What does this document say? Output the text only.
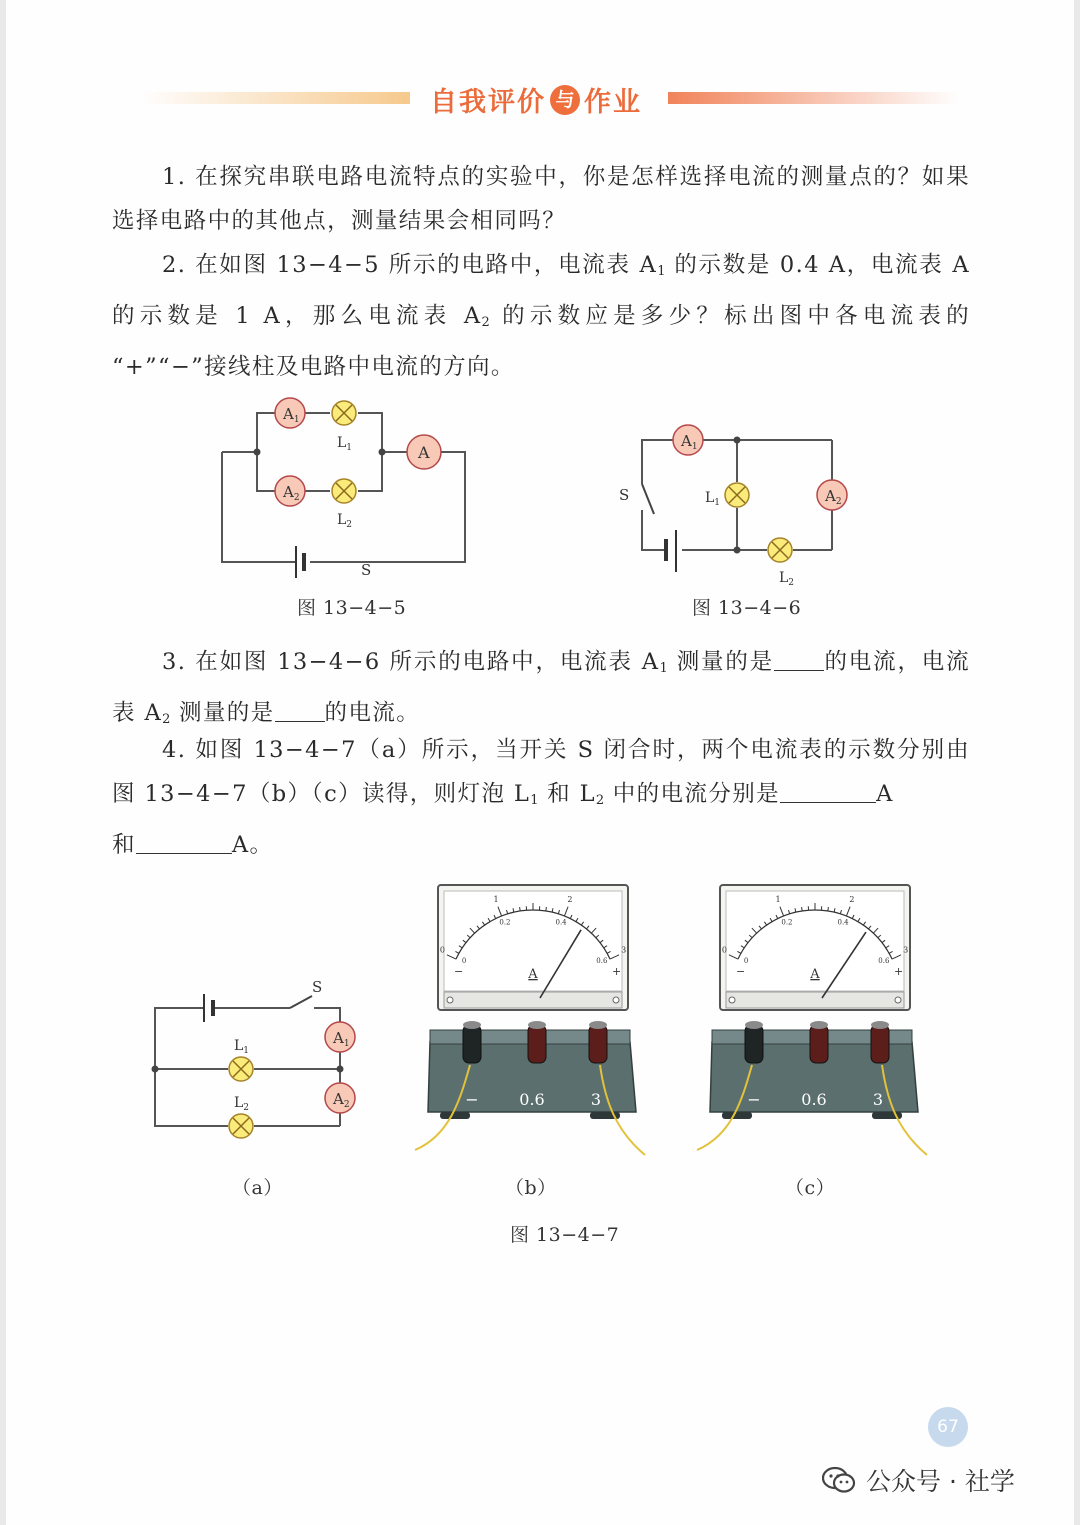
自我评价 与 作业
1. 在探究串联电路电流特点的实验中，你是怎样选择电流的测量点的？如果选择电路中的其他点，测量结果会相同吗？
2. 在如图 13−4−5 所示的电路中，电流表 $A_1$ 的示数是 0.4 A，电流表 A 的示数是 1 A，那么电流表 $A_2$ 的示数应是多少？标出图中各电流表的 “+”“−”接线柱及电路中电流的方向。
$A_1$
$A_2$
A
$L_1$
$L_2$
S
图 13−4−5
S
$A_1$
$A_2$
$L_1$
$L_2$
图 13−4−6
3. 在如图 13−4−6 所示的电路中，电流表 $A_1$ 测量的是 的电流，电流表 $A_2$ 测量的是 的电流。
4. 如图 13−4−7（a）所示，当开关 S 闭合时，两个电流表的示数分别由图 13−4−7（b）（c）读得，则灯泡 $L_1$ 和 $L_2$ 中的电流分别是	A
和	A。
S
$A_1$
$A_2$
$L_1$
$L_2$
0
1	2
3
0
0.2	0.4
0.6
A
−	+
−	0.6	3
0
1	2
3
0
0.2	0.4
0.6
A
−	+
−	0.6	3
（a）	（b）	（c）
图 13−4−7
67
公众号 · 社学
